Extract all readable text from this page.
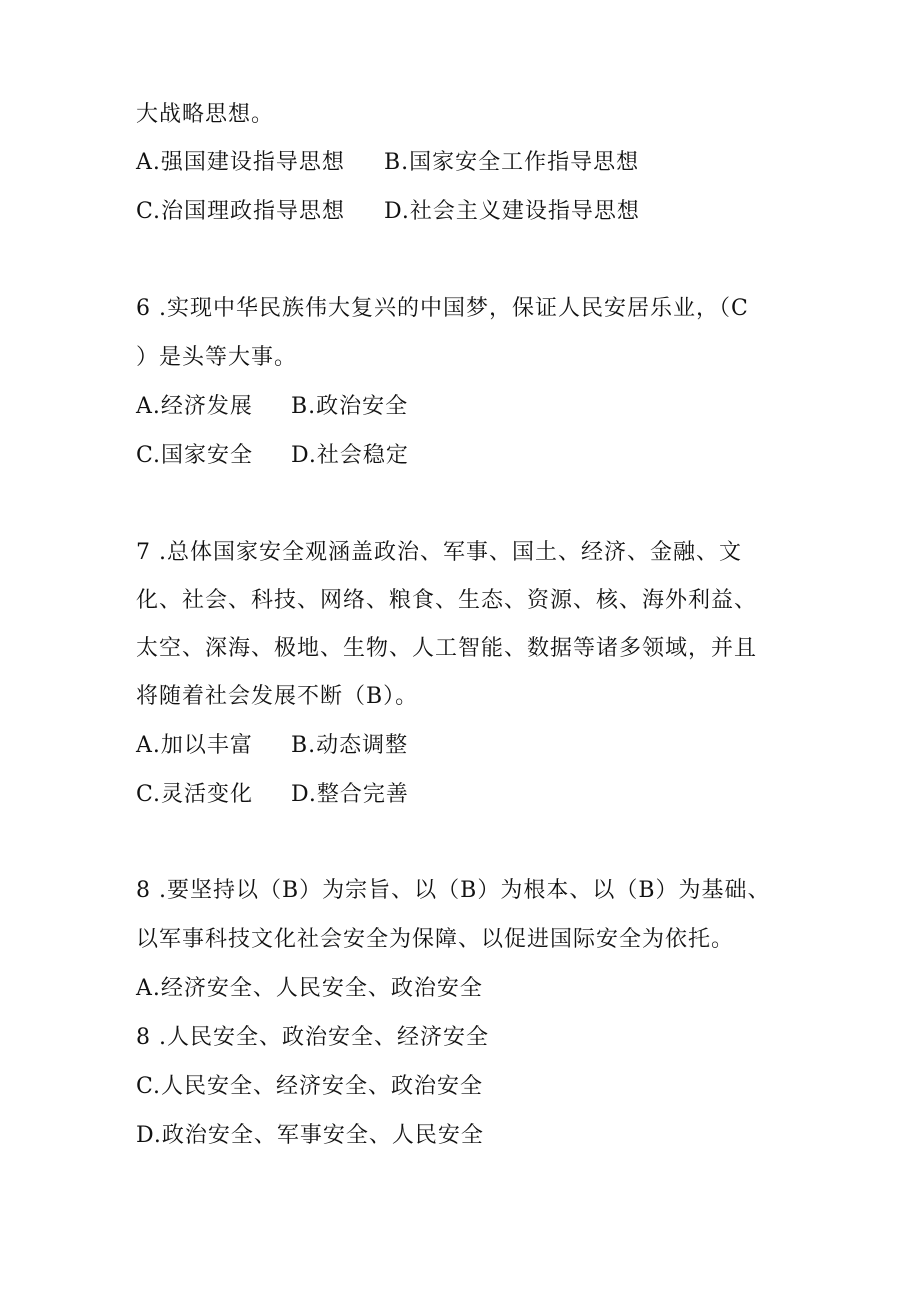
大战略思想。
A.强国建设指导思想 B.国家安全工作指导思想
C.治国理政指导思想 D.社会主义建设指导思想
6 .实现中华民族伟大复兴的中国梦，保证人民安居乐业，（C
）是头等大事。
A.经济发展 B.政治安全
C.国家安全 D.社会稳定
7 .总体国家安全观涵盖政治、军事、国土、经济、金融、文
化、社会、科技、网络、粮食、生态、资源、核、海外利益、
太空、深海、极地、生物、人工智能、数据等诸多领域，并且
将随着社会发展不断（B）。
A.加以丰富 B.动态调整
C.灵活变化 D.整合完善
8 .要坚持以（B）为宗旨、以（B）为根本、以（B）为基础、
以军事科技文化社会安全为保障、以促进国际安全为依托。
A.经济安全、人民安全、政治安全
8 .人民安全、政治安全、经济安全
C.人民安全、经济安全、政治安全
D.政治安全、军事安全、人民安全
